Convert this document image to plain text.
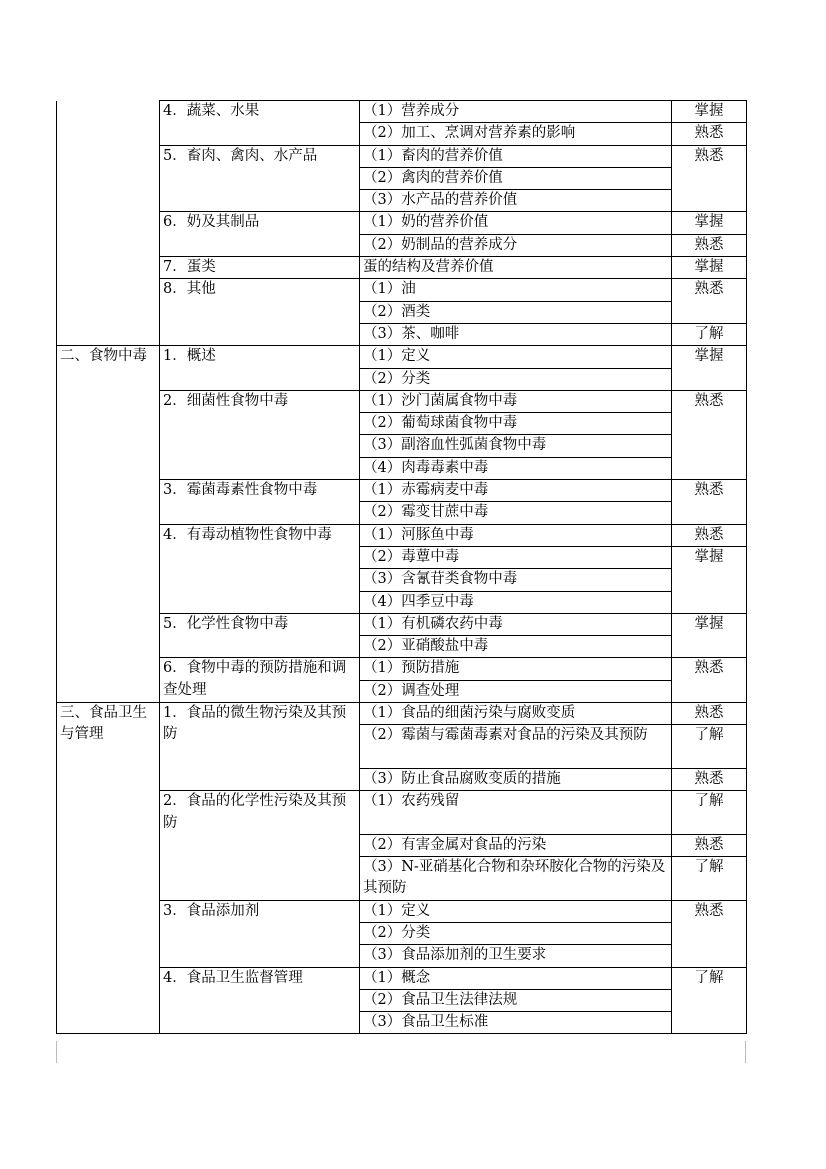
	4．蔬菜、水果	（1）营养成分	掌握
		（2）加工、烹调对营养素的影响	熟悉
	5．畜肉、禽肉、水产品	（1）畜肉的营养价值	熟悉
		（2）禽肉的营养价值	
		（3）水产品的营养价值	
	6．奶及其制品	（1）奶的营养价值	掌握
		（2）奶制品的营养成分	熟悉
	7．蛋类	蛋的结构及营养价值	掌握
	8．其他	（1）油	熟悉
		（2）酒类	
		（3）茶、咖啡	了解
二、食物中毒	1．概述	（1）定义	掌握
		（2）分类	
	2．细菌性食物中毒	（1）沙门菌属食物中毒	熟悉
		（2）葡萄球菌食物中毒	
		（3）副溶血性弧菌食物中毒	
		（4）肉毒毒素中毒	
	3．霉菌毒素性食物中毒	（1）赤霉病麦中毒	熟悉
		（2）霉变甘蔗中毒	
	4．有毒动植物性食物中毒	（1）河豚鱼中毒	熟悉
		（2）毒蕈中毒	掌握
		（3）含氰苷类食物中毒	
		（4）四季豆中毒	
	5．化学性食物中毒	（1）有机磷农药中毒	掌握
		（2）亚硝酸盐中毒	
	6．食物中毒的预防措施和调查处理	（1）预防措施	熟悉
		（2）调查处理	
三、食品卫生与管理	1．食品的微生物污染及其预防	（1）食品的细菌污染与腐败变质	熟悉
		（2）霉菌与霉菌毒素对食品的污染及其预防	了解
		（3）防止食品腐败变质的措施	熟悉
	2．食品的化学性污染及其预防	（1）农药残留	了解
		（2）有害金属对食品的污染	熟悉
		（3）N-亚硝基化合物和杂环胺化合物的污染及其预防	了解
	3．食品添加剂	（1）定义	熟悉
		（2）分类	
		（3）食品添加剂的卫生要求	
	4．食品卫生监督管理	（1）概念	了解
		（2）食品卫生法律法规	
		（3）食品卫生标准	
